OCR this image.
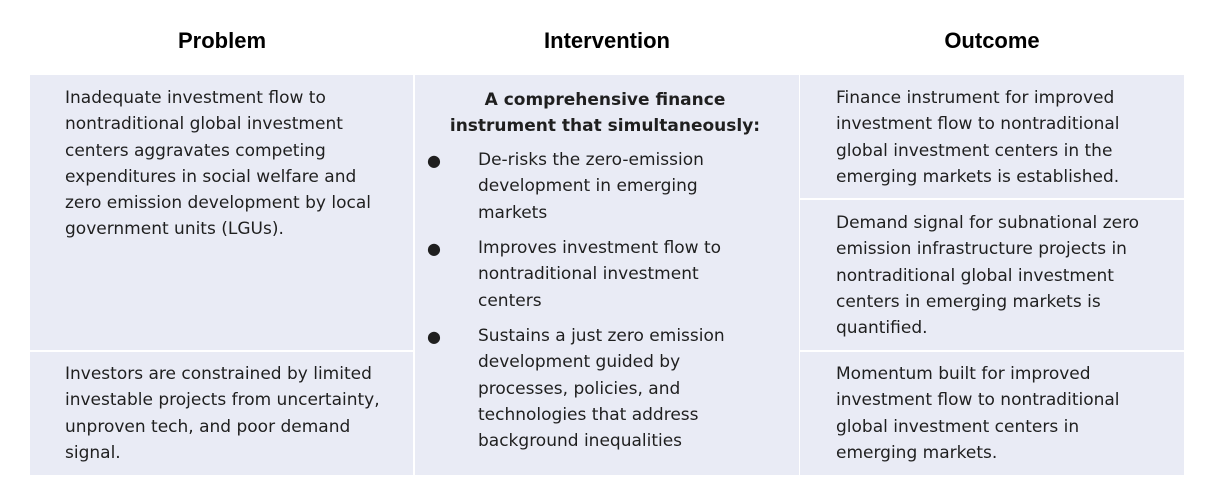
Problem	Intervention	Outcome
Inadequate investment flow to nontraditional global investment centers aggravates competing expenditures in social welfare and zero emission development by local government units (LGUs).
Investors are constrained by limited investable projects from uncertainty, unproven tech, and poor demand signal.
A comprehensive finance instrument that simultaneously:
● De-risks the zero-emission development in emerging markets
● Improves investment flow to nontraditional investment centers
● Sustains a just zero emission development guided by processes, policies, and technologies that address background inequalities
Finance instrument for improved investment flow to nontraditional global investment centers in the emerging markets is established.
Demand signal for subnational zero emission infrastructure projects in nontraditional global investment centers in emerging markets is quantified.
Momentum built for improved investment flow to nontraditional global investment centers in emerging markets.
